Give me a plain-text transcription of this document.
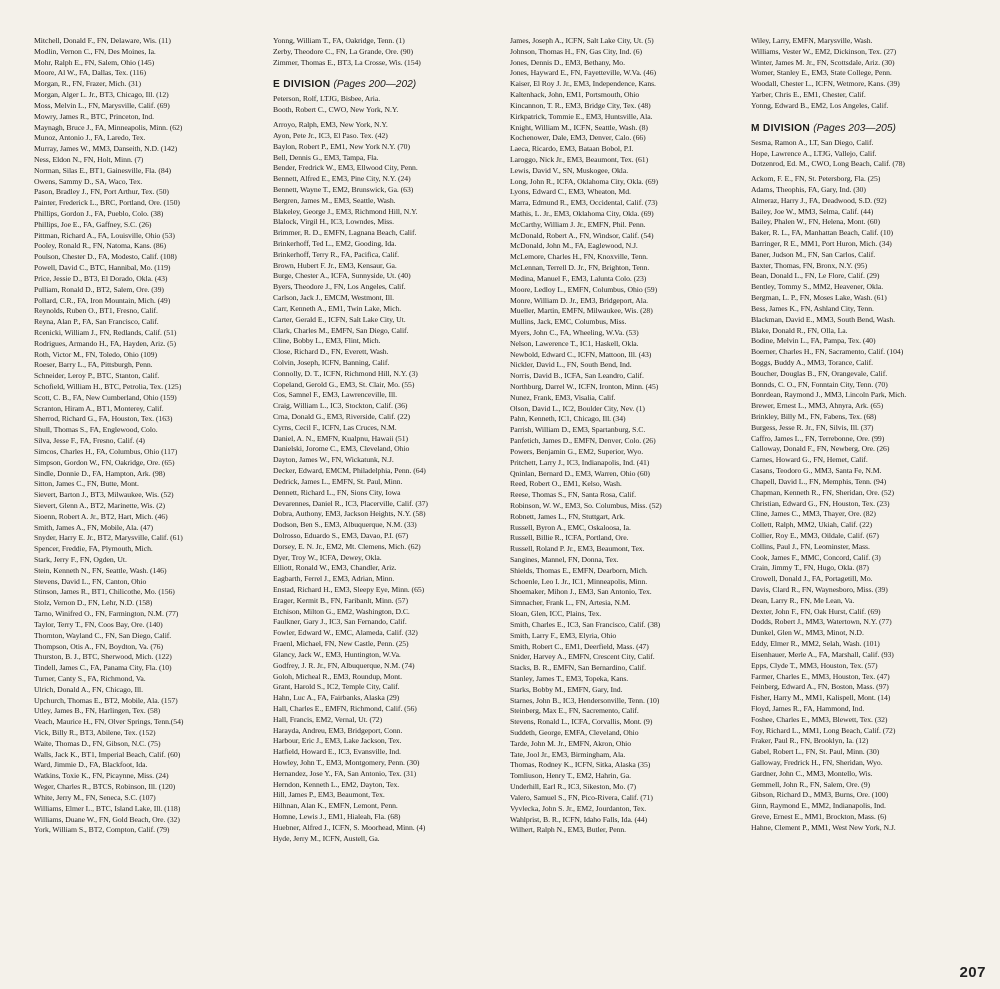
Mitchell, Donald F., FN, Delaware, Wis. (11)
Modlin, Vernon C., FN, Des Moines, Ia.
Mohr, Ralph E., FN, Salem, Ohio (145)
Moore, Al W., FA, Dallas, Tex. (116)
Morgan, R., FN, Frazer, Mich. (31)
Morgan, Alger L. Jr., BT3, Chicago, Ill. (12)
Moss, Melvin L., FN, Marysville, Calif. (69)
Mowry, James R., BTC, Princeton, Ind.
Maynagh, Bruce J., FA, Minneapolis, Minn. (62)
Munoz, Antonio J., FA, Laredo, Tex.
Murray, James W., MM3, Danseith, N.D. (142)
Ness, Eldon N., FN, Holt, Minn. (7)
Norman, Silas E., BT1, Gainesville, Fla. (84)
Owens, Sammy D., SA, Waco, Tex.
Pason, Bradley J., FN, Port Arthur, Tex. (50)
Painter, Frederick L., BRC, Portland, Ore. (150)
Phillips, Gordon J., FA, Pueblo, Colo. (38)
Phillips, Joe E., FA, Gaffney, S.C. (26)
Pittman, Richard A., FA, Louisville, Ohio (53)
Pooley, Ronald R., FN, Natoma, Kans. (86)
Poulson, Chester D., FA, Modesto, Calif. (108)
Powell, David C., BTC, Hannibal, Mo. (119)
Price, Jessie D., BT3, El Dorado, Okla. (43)
Pulliam, Ronald D., BT2, Salem, Ore. (39)
Pollard, C.R., FA, Iron Mountain, Mich. (49)
Reynolds, Ruben O., BT1, Fresno, Calif.
Reyna, Alan P., FA, San Francisco, Calif.
Rcenicki, William J., FN, Redlands, Calif. (51)
Rodrigues, Armando H., FA, Hayden, Ariz. (5)
Roth, Victor M., FN, Toledo, Ohio (109)
Roeser, Barry L., FA, Pittsburgh, Penn.
Schneider, Leroy P., BTC, Stanton, Calif.
Schofield, William H., BTC, Petrolia, Tex. (125)
Scott, C. B., FA, New Cumberland, Ohio (159)
Scranton, Hiram A., BT1, Monterey, Calif.
Sherrod, Richard G., FA, Houston, Tex. (163)
Shull, Thomas S., FA, Englewood, Colo.
Silva, Jesse F., FA, Fresno, Calif. (4)
Simcos, Charles H., FA, Columbus, Ohio (117)
Simpson, Gordon W., FN, Oakridge, Ore. (65)
Sindle, Donnie D., FA, Hampton, Ark. (98)
Sitton, James C., FN, Butte, Mont.
Sievert, Barton J., BT3, Milwaukee, Wis. (52)
Sievert, Glenn A., BT2, Marinette, Wis. (2)
Sioenn, Robert A. Jr., BT2, Hart, Mich. (46)
Smith, James A., FN, Mobile, Ala. (47)
Snyder, Harry E. Jr., BT2, Marysville, Calif. (61)
Spencer, Freddie, FA, Plymouth, Mich.
Stark, Jerry F., FN, Ogden, Ut.
Stein, Kenneth N., FN, Seattle, Wash. (146)
Stevens, David L., FN, Canton, Ohio
Stinson, James R., BT1, Chilicothe, Mo. (156)
Stolz, Vernon D., FN, Lehr, N.D. (158)
Tarno, Winifred O., FN, Farmington, N.M. (77)
Taylor, Terry T., FN, Coos Bay, Ore. (140)
Thornton, Wayland C., FN, San Diego, Calif.
Thompson, Otis A., FN, Boydton, Va. (76)
Thurston, B. J., BTC, Sherwood, Mich. (122)
Tindell, James C., FA, Panama City, Fla. (10)
Turner, Canty S., FA, Richmond, Va.
Ulrich, Donald A., FN, Chicago, Ill.
Upchurch, Thomas E., BT2, Mobile, Ala. (157)
Utley, James B., FN, Harlingen, Tex. (58)
Veach, Maurice H., FN, Olver Springs, Tenn.(54)
Vick, Billy R., BT3, Abilene, Tex. (152)
Waite, Thomas D., FN, Gibson, N.C. (75)
Walls, Jack K., BT1, Imperial Beach, Calif. (60)
Ward, Jimmie D., FA, Blackfoot, Ida.
Watkins, Toxie K., FN, Picaynne, Miss. (24)
Weger, Charles R., BTCS, Robinson, Ill. (120)
White, Jerry M., FN, Seneca, S.C. (107)
Williams, Elmer L., BTC, Island Lake, Ill. (118)
Williams, Duane W., FN, Gold Beach, Ore. (32)
York, William S., BT2, Compton, Calif. (79)
Yonng, William T., FA, Oakridge, Tenn. (1)
Zerby, Theodore C., FN, La Grande, Ore. (90)
Zimmer, Thomas E., BT3, La Crosse, Wis. (154)
E DIVISION (Pages 200—202)
Peterson, Rolf, LTJG, Bisbee, Aria.
Booth, Robert C., CWO, New York, N.Y.
Arroyo, Ralph, EM3, New York, N.Y.
Ayon, Pete Jr., IC3, El Paso. Tex. (42)
Baylon, Robert P., EM1, New York N.Y. (70)
Bell, Dennis G., EM3, Tampa, Fla.
Bender, Fredrick W., EM3, Ellwood City, Penn.
Bennett, Alfred E., EM3, Pine City, N.Y. (24)
Bennett, Wayne T., EM2, Brunswick, Ga. (63)
Bergren, James M., EM3, Seattle, Wash.
Blakeley, George J., EM3, Richmond Hill, N.Y.
Blalock, Virgil H., IC3, Lowndes, Miss.
Brimmer, R. D., EMFN, Lagnana Beach, Calif.
Brinkerhoff, Ted L., EM2, Gooding, Ida.
Brinkerhoff, Terry R., FA, Pacifica, Calif.
Brown, Hubert F. Jr., EM3, Kensaur, Ga.
Burge, Chester A., ICFA, Sunnyside, Ut. (40)
Byers, Theodore J., FN, Los Angeles, Calif.
Carlson, Jack J., EMCM, Westmont, Ill.
Carr, Kenneth A., EM1, Twin Lake, Mich.
Carter, Gerald E., ICFN, Salt Lake City, Ut.
Clark, Charles M., EMFN, San Diego, Calif.
Cline, Bobby L., EM3, Flint, Mich.
Close, Richard D., FN, Everett, Wash.
Colvin, Joseph, ICFN, Banning, Calif.
Connolly, D. T., ICFN, Richmond Hill, N.Y. (3)
Copeland, Gerold G., EM3, St. Clair, Mo. (55)
Cos, Samnel F., EM3, Lawrenceville, Ill.
Craig, William L., IC3, Stockton, Calif. (36)
Crna, Donald G., EM3, Riverside, Calif. (22)
Cyrns, Cecil F., ICFN, Las Cruces, N.M.
Daniel, A. N., EMFN, Kualpnu, Hawaii (51)
Danielski, Jorome C., EM3, Cleveland, Ohio
Dayton, James W., FN, Wickatunk, N.J.
Decker, Edward, EMCM, Philadelphia, Penn. (64)
Dedrick, James L., EMFN, St. Paul, Minn.
Dennett, Richard L., FN, Sions City, Iowa
Devarennes, Daniel R., IC3, Placerville, Calif. (37)
Dobra, Authony, EM3, Jackson Heights, N.Y. (58)
Dodson, Ben S., EM3, Albuquerque, N.M. (33)
Dolrosso, Eduardo S., EM3, Davao, P.I. (67)
Dorsey, E. N. Jr., EM2, Mt. Clemens, Mich. (62)
Dyer, Troy W., ICFA, Dewey, Okla.
Elliott, Ronald W., EM3, Chandler, Ariz.
Eagbarth, Ferrel J., EM3, Adrian, Minn.
Enstad, Richard H., EM3, Sleepy Eye, Minn. (65)
Erager, Kermit B., FN, Faribanlt, Minn. (57)
Etchison, Milton G., EM2, Washington, D.C.
Faulkner, Gary J., IC3, San Fernando, Calif.
Fowler, Edward W., EMC, Alameda, Calif. (32)
Fraenl, Michael, FN, New Castle, Penn. (25)
Glancy, Jack W., EM3, Huntington, W.Va.
Godfrey, J. R. Jr., FN, Albuquerque, N.M. (74)
Goloh, Micheal R., EM3, Roundup, Mont.
Grant, Harold S., IC2, Temple City, Calif.
Hahn, Luc A., FA, Fairbanks, Alaska (29)
Hall, Charles E., EMFN, Richmond, Calif. (56)
Hall, Francis, EM2, Vernal, Ut. (72)
Harayda, Andreu, EM3, Bridgeport, Conn.
Harbour, Eric J., EM3, Lake Jackson, Tex.
Hatfield, Howard E., IC3, Evansville, Ind.
Howley, John T., EM3, Montgomery, Penn. (30)
Hernandez, Jose Y., FA, San Antonio, Tex. (31)
Herndon, Kenneth L., EM2, Dayton, Tex.
Hill, James P., EM3, Beaumont, Tex.
Hilhnan, Alan K., EMFN, Lemont, Penn.
Homne, Lewis J., EM1, Hialeah, Fla. (68)
Huebner, Alfred J., ICFN, S. Moorhead, Minn. (4)
Hyde, Jerry M., ICFN, Austell, Ga.
James, Joseph A., ICFN, Salt Lake City, Ut. (5)
Johnson, Thomas H., FN, Gas City, Ind. (6)
Jones, Dennis D., EM3, Bethany, Mo.
Jones, Hayward E., FN, Fayetteville, W.Va. (46)
Kaiser, El Roy J. Jr., EM3, Independence, Kans.
Kaltenhack, John, EM1, Portsmouth, Ohio
Kincannon, T. R., EM3, Bridge City, Tex. (48)
Kirkpatrick, Tommie E., EM3, Huntsville, Ala.
Knight, William M., ICFN, Seattle, Wash. (8)
Kochenower, Dale, EM3, Denver, Calo. (66)
Laeca, Ricardo, EM3, Bataan Bobol, P.I.
Laroggo, Nick Jr., EM3, Beaumont, Tex. (61)
Lewis, David V., SN, Muskogee, Okla.
Long, John R., ICFA, Oklahoma City, Okla. (69)
Lyons, Edward C., EM3, Wheaton, Md.
Marra, Edmund R., EM3, Occidental, Calif. (73)
Mathis, L. Jr., EM3, Oklahoma City, Okla. (69)
McCarthy, William J. Jr., EMFN, Phil. Penn.
McDonald, Robert A., FN, Windsor, Calif. (54)
McDonald, John M., FA, Eaglewood, N.J.
McLemore, Charles H., FN, Knoxville, Tenn.
McLennan, Terrell D. Jr., FN, Brighton, Tenn.
Medina, Manuel F., EM3, Lalunta Colo. (23)
Moore, Ledloy L., EMFN, Columbus, Ohio (59)
Monre, William D. Jr., EM3, Bridgeport, Ala.
Mueller, Martin, EMFN, Milwaukee, Wis. (28)
Mullins, Jack, EMC, Columbus, Miss.
Myers, John C., FA, Wheeling, W.Va. (53)
Nelson, Lawerence T., IC1, Haskell, Okla.
Newbold, Edward C., ICFN, Mattoon, Ill. (43)
Nickler, David L., FN, South Bend, Ind.
Norris, David B., ICFA, San Leandro, Calif.
Northburg, Darrel W., ICFN, Ironton, Minn. (45)
Nunez, Frank, EM3, Visalia, Calif.
Olson, David L., IC2, Boulder City, Nev. (1)
Pahn, Kenneth, IC1, Chicago, Ill. (34)
Parrish, William D., EM3, Spartanburg, S.C.
Panfetich, James D., EMFN, Denver, Colo. (26)
Powers, Benjamin G., EM2, Superior, Wyo.
Pritchett, Larry J., IC3, Indianapolis, Ind. (41)
Qninlan, Bernard D., EM3, Warren, Ohio (60)
Reed, Robert O., EM1, Kelso, Wash.
Reese, Thomas S., FN, Santa Rosa, Calif.
Robinson, W. W., EM3, So. Columbus, Miss. (52)
Robnett, James L., FN, Stuttgart, Ark.
Russell, Byron A., EMC, Oskaloosa, Ia.
Russell, Billie R., ICFA, Portland, Ore.
Russell, Roland P. Jr., EM3, Beaumont, Tex.
Sangines, Mannel, FN, Donna, Tex.
Shields, Thomas E., EMFN, Dearborn, Mich.
Schoenle, Leo I. Jr., IC1, Minneapolis, Minn.
Shoemaker, Mihon J., EM3, San Antonio, Tex.
Simnacher, Frank L., FN, Artesia, N.M.
Sloan, Glen, ICC, Plains, Tex.
Smith, Charles E., IC3, San Francisco, Calif. (38)
Smith, Larry F., EM3, Elyria, Ohio
Smith, Robert C., EM1, Deerfield, Mass. (47)
Snider, Harvey A., EMFN, Crescent City, Calif.
Stacks, B. R., EMFN, San Bernardino, Calif.
Stanley, James T., EM3, Topeka, Kans.
Starks, Bobby M., EMFN, Gary, Ind.
Starnes, John B., IC3, Hendersonville, Tenn. (10)
Steinberg, Max E., FN, Sacremento, Calif.
Stevens, Ronald L., ICFA, Corvallis, Mont. (9)
Suddeth, George, EMFA, Cleveland, Ohio
Tarde, John M. Jr., EMFN, Akron, Ohio
Tate, Jool Jr., EM3, Birmingham, Ala.
Thomas, Rodney K., ICFN, Sitka, Alaska (35)
Tomliuson, Henry T., EM2, Hahrin, Ga.
Underhill, Earl R., IC3, Sikeston, Mo. (7)
Valero, Samuel S., FN, Pico-Rivera, Calif. (71)
Vyvlecka, John S. Jr., EM2, Jourdanton, Tex.
Wahlprist, B. R., ICFN, Idaho Falls, Ida. (44)
Wilhert, Ralph N., EM3, Butler, Penn.
Wiley, Larry, EMFN, Marysville, Wash.
Williams, Vester W., EM2, Dickinson, Tex. (27)
Winter, James M. Jr., FN, Scottsdale, Ariz. (30)
Womer, Stanley E., EM3, State College, Penn.
Woodall, Chester L., ICFN, Wetmore, Kans. (39)
Yarber, Chris E., EM1, Chester, Calif.
Yonng, Edward B., EM2, Los Angeles, Calif.
M DIVISION (Pages 203—205)
Sesma, Ramon A., LT, San Diego, Calif.
Hope, Lawrence A., LTJG, Vallejo, Calif.
Dotzenrod, Ed. M., CWO, Long Beach, Calif. (78)
Ackom, F. E., FN, St. Petersborg, Fla. (25)
Adams, Theophis, FA, Gary, Ind. (30)
Almeraz, Harry J., FA, Deadwood, S.D. (92)
Bailey, Joe W., MM3, Selma, Calif. (44)
Bailey, Phalen W., FN, Helena, Mont. (60)
Baker, R. L., FA, Manhattan Beach, Calif. (10)
Barringer, R E., MM1, Port Huron, Mich. (34)
Baner, Judson M., FN, San Carlos, Calif.
Baxter, Thomas, FN, Bronx, N.Y. (95)
Bean, Donald L., FN, Le Flore, Calif. (29)
Bentley, Tommy S., MM2, Heavener, Okla.
Bergman, L. P., FN, Moses Lake, Wash. (61)
Bess, James K., FN, Ashland City, Tenn.
Blackman, David E., MM3, South Bend, Wash.
Blake, Donald R., FN, Olla, La.
Bodine, Melvin L., FA, Pampa, Tex. (40)
Boerner, Charles H., FN, Sacramento, Calif. (104)
Boggs, Buddy A., MM3, Torance, Calif.
Boucher, Douglas B., FN, Orangevale, Calif.
Bonnds, C. O., FN, Fonntain City, Tenn. (70)
Bonrdean, Raymond J., MM3, Lincoln Park, Mich.
Brewer, Ernest L., MM3, Ahnyra, Ark. (65)
Brinkley, Billy M., FN, Fabens, Tex. (68)
Burgess, Jesse R. Jr., FN, Silvis, Ill. (37)
Caffro, James L., FN, Terrebonne, Ore. (99)
Calloway, Donald F., FN, Newberg, Ore. (26)
Carnes, Howard G., FN, Hemet, Calif.
Casans, Teodoro G., MM3, Santa Fe, N.M.
Chapell, David L., FN, Memphis, Tenn. (94)
Chapman, Kenneth R., FN, Sheridan, Ore. (52)
Christian, Edward G., FN, Houston, Tex. (23)
Cline, James C., MM3, Thayer, Ore. (82)
Collett, Ralph, MM2, Ukiah, Calif. (22)
Collier, Roy E., MM3, Oildale, Calif. (67)
Collins, Paul J., FN, Leominster, Mass.
Cook, James F., MMC, Concord, Calif. (3)
Crain, Jimmy T., FN, Hugo, Okla. (87)
Crowell, Donald J., FA, Portagetill, Mo.
Davis, Clard R., FN, Waynesboro, Miss. (39)
Dean, Larry R., FN, Me Lean, Va.
Dexter, John F., FN, Oak Hurst, Calif. (69)
Dodds, Robert J., MM3, Watertown, N.Y. (77)
Dunkel, Glen W., MM3, Minot, N.D.
Eddy, Elmer R., MM2, Selah, Wash. (101)
Eisenhauer, Merle A., FA, Marshall, Calif. (93)
Epps, Clyde T., MM3, Houston, Tex. (57)
Farmer, Charles E., MM3, Houston, Tex. (47)
Feinberg, Edward A., FN, Boston, Mass. (97)
Fisher, Harry M., MM1, Kalispell, Mont. (14)
Floyd, James R., FA, Hammond, Ind.
Foshee, Charles E., MM3, Blewett, Tex. (32)
Foy, Richard L., MM1, Long Beach, Calif. (72)
Fraker, Paul R., FN, Brooklyn, Ia. (12)
Gabel, Robert L., FN, St. Paul, Minn. (30)
Galloway, Fredrick H., FN, Sheridan, Wyo.
Gardner, John C., MM3, Montello, Wis.
Gemmell, John R., FN, Salem, Ore. (9)
Gibson, Richard D., MM3, Burns, Ore. (100)
Ginn, Raymond E., MM2, Indianapolis, Ind.
Greve, Ernest E., MM1, Brockton, Mass. (6)
Hahne, Clement P., MM1, West New York, N.J.
207
